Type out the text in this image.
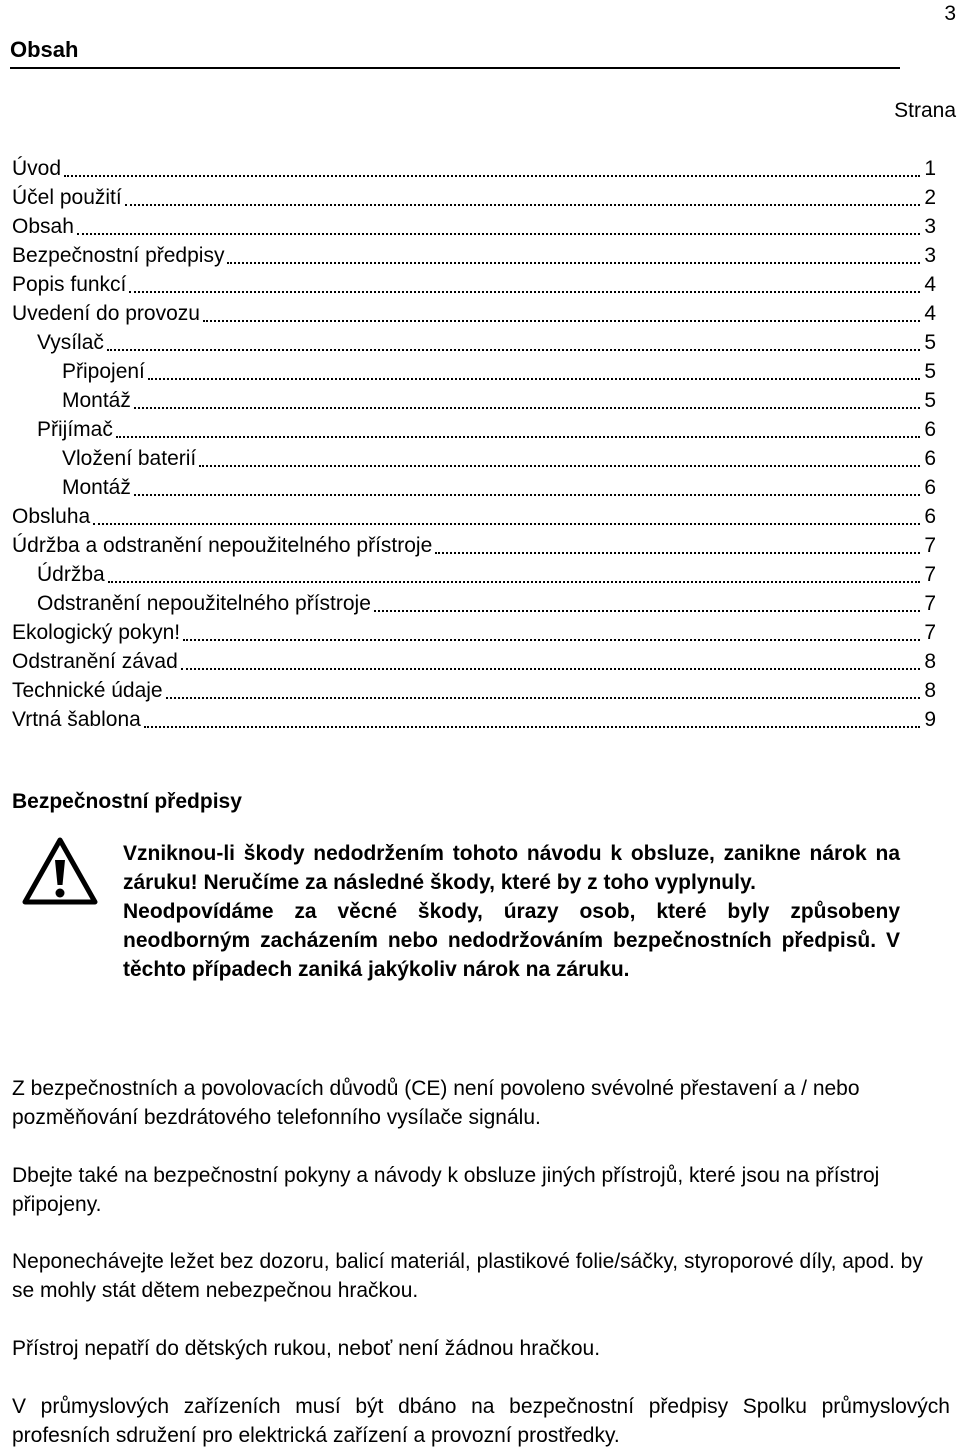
3
Obsah
Strana
Úvod	1
Účel použití	2
Obsah	3
Bezpečnostní předpisy	3
Popis funkcí	4
Uvedení do provozu	4
Vysílač	5
Připojení	5
Montáž	5
Přijímač	6
Vložení baterií	6
Montáž	6
Obsluha	6
Údržba a odstranění nepoužitelného přístroje	7
Údržba	7
Odstranění nepoužitelného přístroje	7
Ekologický pokyn!	7
Odstranění závad	8
Technické údaje	8
Vrtná šablona	9
Bezpečnostní předpisy

Vzniknou-li škody nedodržením tohoto návodu k obsluze, zanikne nárok na záruku! Neručíme za následné škody, které by z toho vyplynuly.

Neodpovídáme za věcné škody, úrazy osob, které byly způsobeny neodborným zacházením nebo nedodržováním bezpečnostních předpisů. V těchto případech zaniká jakýkoliv nárok na záruku.

Z bezpečnostních a povolovacích důvodů (CE) není povoleno svévolné přestavení a / nebo pozměňování bezdrátového telefonního vysílače signálu.

Dbejte také na bezpečnostní pokyny a návody k obsluze jiných přístrojů, které jsou na přístroj připojeny.

Neponechávejte ležet bez dozoru, balicí materiál, plastikové folie/sáčky, styroporové díly, apod. by se mohly stát dětem nebezpečnou hračkou.

Přístroj nepatří do dětských rukou, neboť není žádnou hračkou.

V průmyslových zařízeních musí být dbáno na bezpečnostní předpisy Spolku průmyslových profesních sdružení pro elektrická zařízení a provozní prostředky.
